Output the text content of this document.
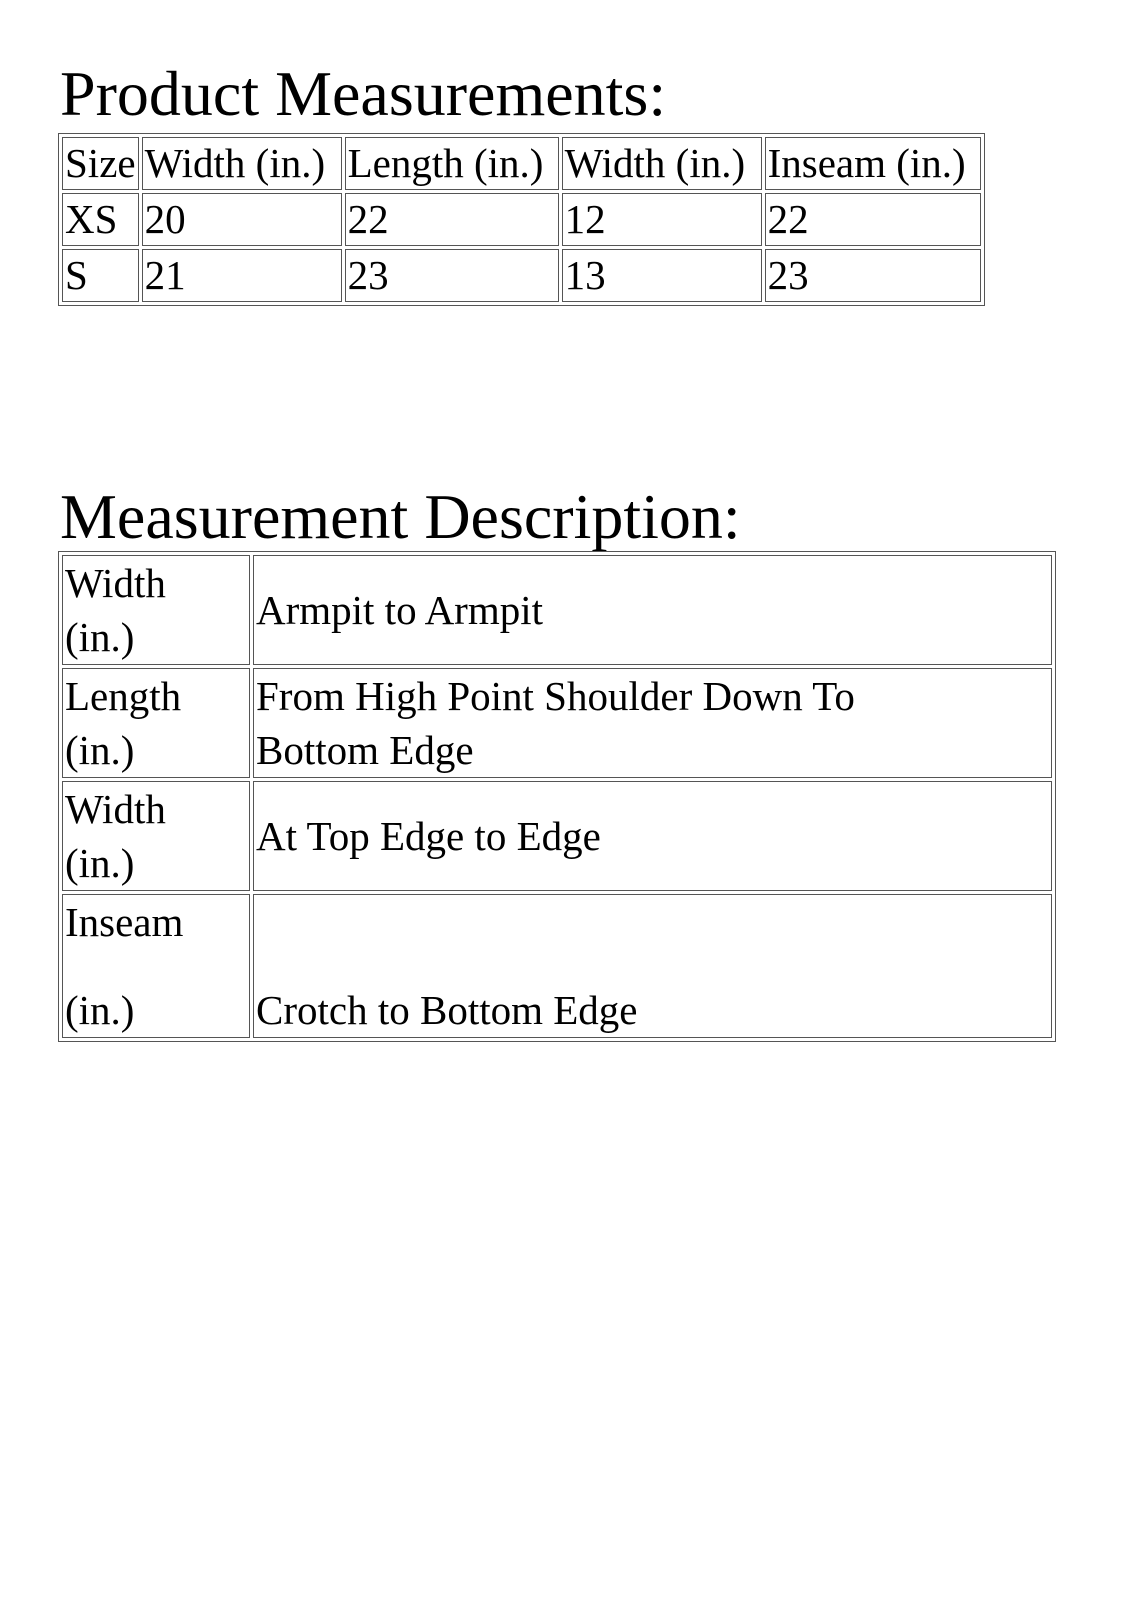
Product Measurements:
Size	Width (in.)	Length (in.)	Width (in.)	Inseam (in.)
XS	20	22	12	22
S	21	23	13	23
Measurement Description:
Width
(in.)	Armpit to Armpit

Length
(in.)	From High Point Shoulder Down To
Bottom Edge

Width
(in.)	At Top Edge to Edge

Inseam
(in.)	Crotch to Bottom Edge
